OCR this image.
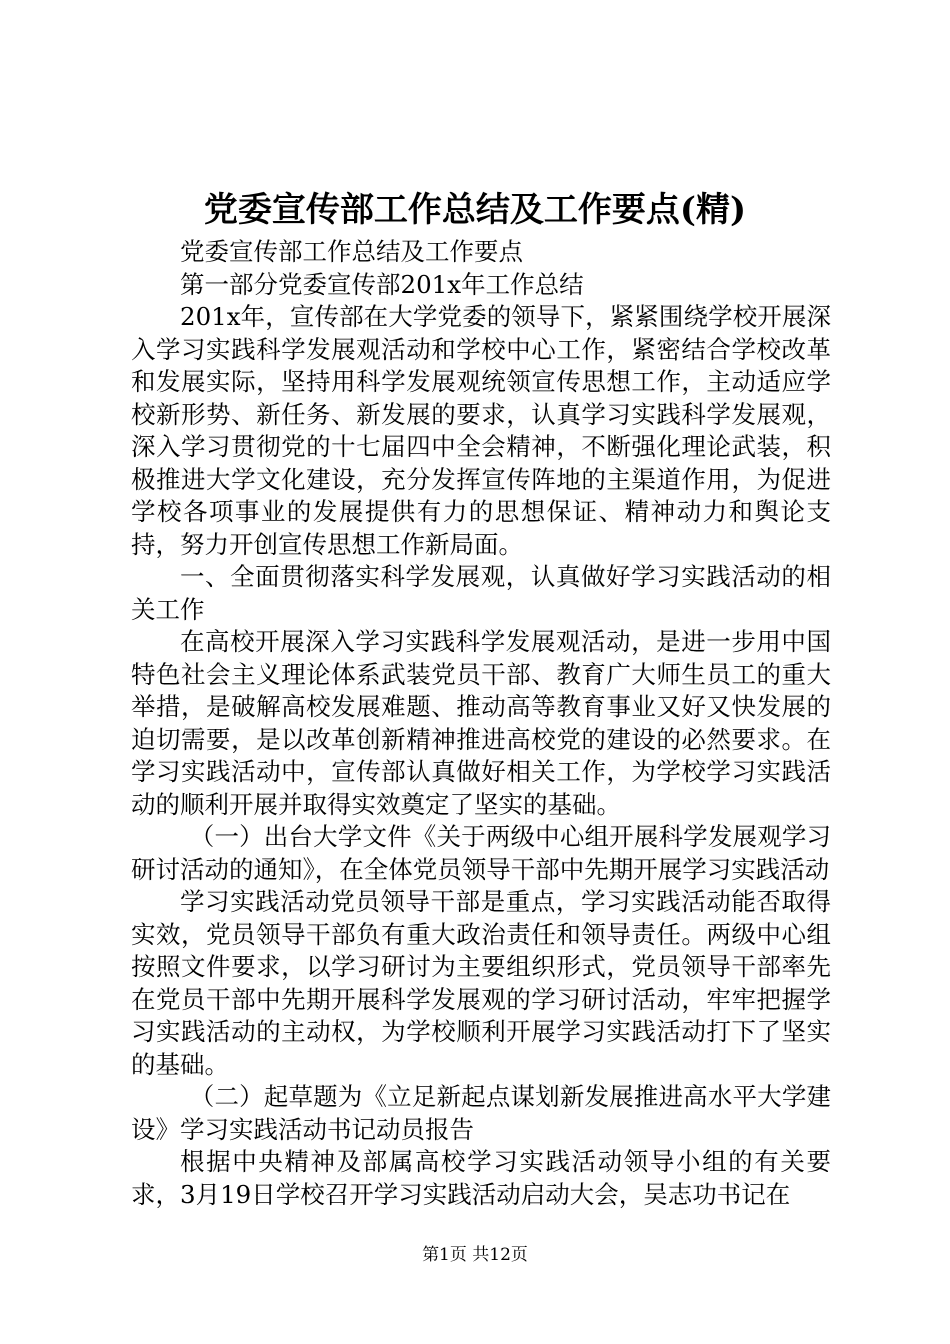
党委宣传部工作总结及工作要点(精)

党委宣传部工作总结及工作要点

第一部分党委宣传部201x年工作总结

201x年，宣传部在大学党委的领导下，紧紧围绕学校开展深入学习实践科学发展观活动和学校中心工作，紧密结合学校改革和发展实际，坚持用科学发展观统领宣传思想工作，主动适应学校新形势、新任务、新发展的要求，认真学习实践科学发展观，深入学习贯彻党的十七届四中全会精神，不断强化理论武装，积极推进大学文化建设，充分发挥宣传阵地的主渠道作用，为促进学校各项事业的发展提供有力的思想保证、精神动力和舆论支持，努力开创宣传思想工作新局面。

一、全面贯彻落实科学发展观，认真做好学习实践活动的相关工作

在高校开展深入学习实践科学发展观活动，是进一步用中国特色社会主义理论体系武装党员干部、教育广大师生员工的重大举措，是破解高校发展难题、推动高等教育事业又好又快发展的迫切需要，是以改革创新精神推进高校党的建设的必然要求。在学习实践活动中，宣传部认真做好相关工作，为学校学习实践活动的顺利开展并取得实效奠定了坚实的基础。

（一）出台大学文件《关于两级中心组开展科学发展观学习研讨活动的通知》，在全体党员领导干部中先期开展学习实践活动

学习实践活动党员领导干部是重点，学习实践活动能否取得实效，党员领导干部负有重大政治责任和领导责任。两级中心组按照文件要求，以学习研讨为主要组织形式，党员领导干部率先在党员干部中先期开展科学发展观的学习研讨活动，牢牢把握学习实践活动的主动权，为学校顺利开展学习实践活动打下了坚实的基础。

（二）起草题为《立足新起点谋划新发展推进高水平大学建设》学习实践活动书记动员报告

根据中央精神及部属高校学习实践活动领导小组的有关要求，3月19日学校召开学习实践活动启动大会，吴志功书记在

第1页 共12页
